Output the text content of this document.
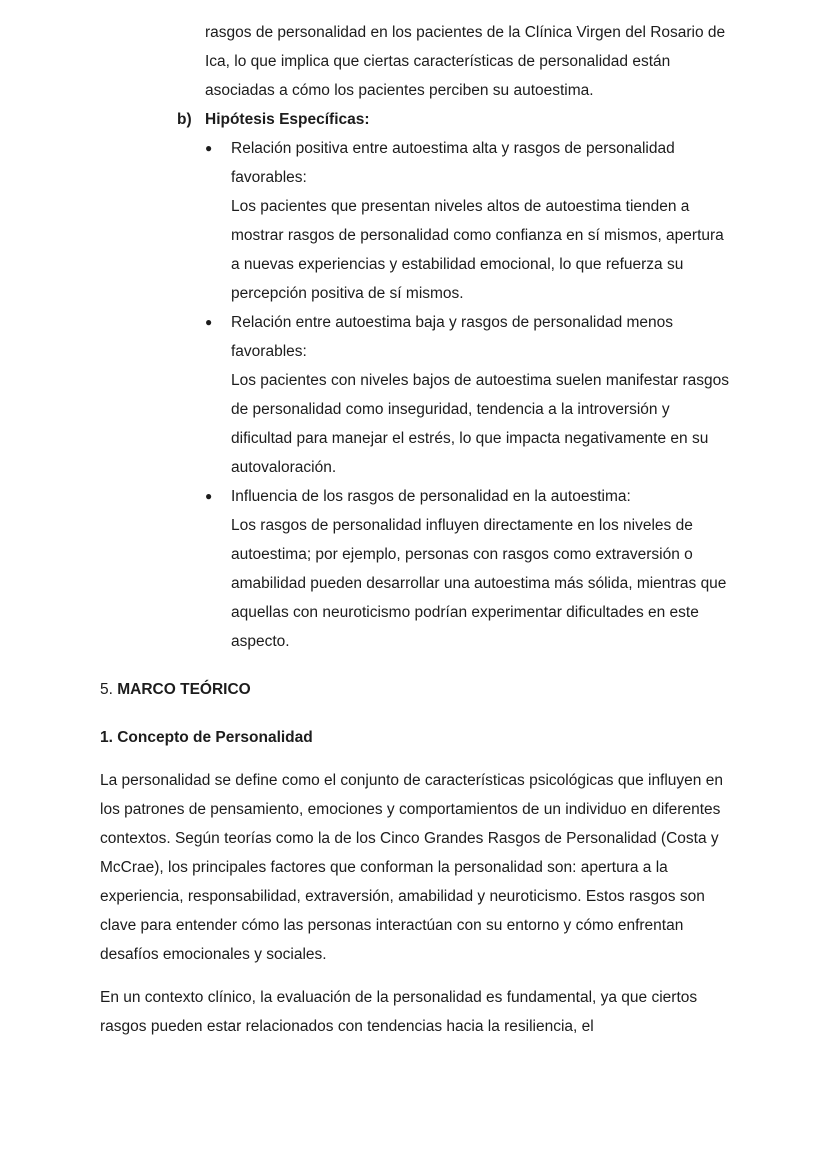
rasgos de personalidad en los pacientes de la Clínica Virgen del Rosario de Ica, lo que implica que ciertas características de personalidad están asociadas a cómo los pacientes perciben su autoestima.

b) Hipótesis Específicas:
●	Relación positiva entre autoestima alta y rasgos de personalidad favorables:
Los pacientes que presentan niveles altos de autoestima tienden a mostrar rasgos de personalidad como confianza en sí mismos, apertura a nuevas experiencias y estabilidad emocional, lo que refuerza su percepción positiva de sí mismos.
●	Relación entre autoestima baja y rasgos de personalidad menos favorables:
Los pacientes con niveles bajos de autoestima suelen manifestar rasgos de personalidad como inseguridad, tendencia a la introversión y dificultad para manejar el estrés, lo que impacta negativamente en su autovaloración.
●	Influencia de los rasgos de personalidad en la autoestima:
Los rasgos de personalidad influyen directamente en los niveles de autoestima; por ejemplo, personas con rasgos como extraversión o amabilidad pueden desarrollar una autoestima más sólida, mientras que aquellas con neuroticismo podrían experimentar dificultades en este aspecto.
5. MARCO TEÓRICO
1. Concepto de Personalidad

La personalidad se define como el conjunto de características psicológicas que influyen en los patrones de pensamiento, emociones y comportamientos de un individuo en diferentes contextos. Según teorías como la de los Cinco Grandes Rasgos de Personalidad (Costa y McCrae), los principales factores que conforman la personalidad son: apertura a la experiencia, responsabilidad, extraversión, amabilidad y neuroticismo. Estos rasgos son clave para entender cómo las personas interactúan con su entorno y cómo enfrentan desafíos emocionales y sociales.

En un contexto clínico, la evaluación de la personalidad es fundamental, ya que ciertos rasgos pueden estar relacionados con tendencias hacia la resiliencia, el
